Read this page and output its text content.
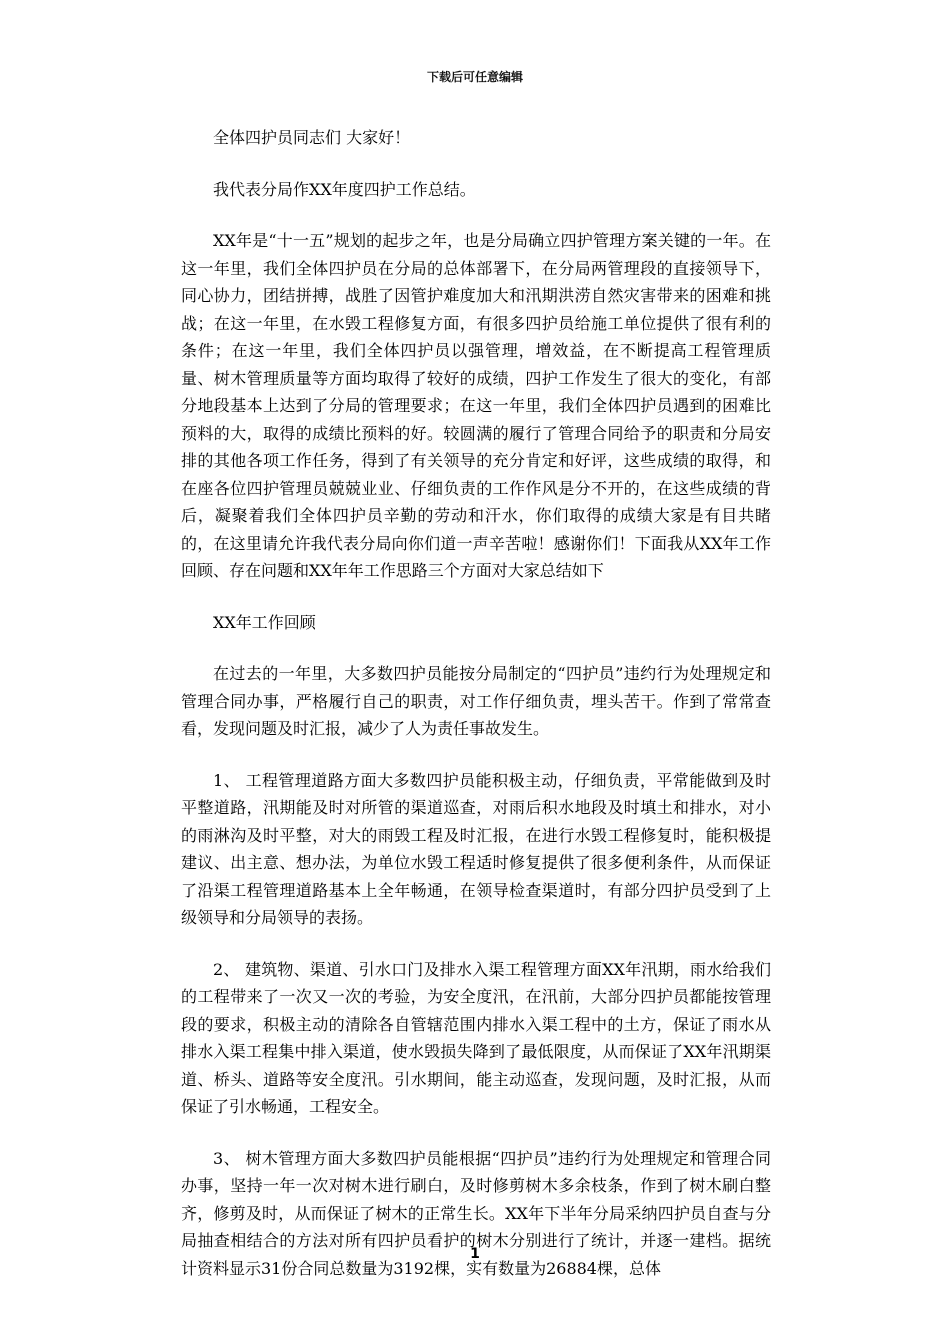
下载后可任意编辑

全体四护员同志们 大家好！

我代表分局作XX年度四护工作总结。

XX年是“十一五”规划的起步之年，也是分局确立四护管理方案关键的一年。在这一年里，我们全体四护员在分局的总体部署下，在分局两管理段的直接领导下，同心协力，团结拼搏，战胜了因管护难度加大和汛期洪涝自然灾害带来的困难和挑战；在这一年里，在水毁工程修复方面，有很多四护员给施工单位提供了很有利的条件；在这一年里，我们全体四护员以强管理，增效益，在不断提高工程管理质量、树木管理质量等方面均取得了较好的成绩，四护工作发生了很大的变化，有部分地段基本上达到了分局的管理要求；在这一年里，我们全体四护员遇到的困难比预料的大，取得的成绩比预料的好。较圆满的履行了管理合同给予的职责和分局安排的其他各项工作任务，得到了有关领导的充分肯定和好评，这些成绩的取得，和在座各位四护管理员兢兢业业、仔细负责的工作作风是分不开的，在这些成绩的背后，凝聚着我们全体四护员辛勤的劳动和汗水，你们取得的成绩大家是有目共睹的，在这里请允许我代表分局向你们道一声辛苦啦！感谢你们！下面我从XX年工作回顾、存在问题和XX年年工作思路三个方面对大家总结如下

XX年工作回顾

在过去的一年里，大多数四护员能按分局制定的“四护员”违约行为处理规定和管理合同办事，严格履行自己的职责，对工作仔细负责，埋头苦干。作到了常常查看，发现问题及时汇报，减少了人为责任事故发生。

1、 工程管理道路方面大多数四护员能积极主动，仔细负责，平常能做到及时平整道路，汛期能及时对所管的渠道巡查，对雨后积水地段及时填土和排水，对小的雨淋沟及时平整，对大的雨毁工程及时汇报，在进行水毁工程修复时，能积极提建议、出主意、想办法，为单位水毁工程适时修复提供了很多便利条件，从而保证了沿渠工程管理道路基本上全年畅通，在领导检查渠道时，有部分四护员受到了上级领导和分局领导的表扬。

2、 建筑物、渠道、引水口门及排水入渠工程管理方面XX年汛期，雨水给我们的工程带来了一次又一次的考验，为安全度汛，在汛前，大部分四护员都能按管理段的要求，积极主动的清除各自管辖范围内排水入渠工程中的土方，保证了雨水从排水入渠工程集中排入渠道，使水毁损失降到了最低限度，从而保证了XX年汛期渠道、桥头、道路等安全度汛。引水期间，能主动巡查，发现问题，及时汇报，从而保证了引水畅通，工程安全。

3、 树木管理方面大多数四护员能根据“四护员”违约行为处理规定和管理合同办事，坚持一年一次对树木进行刷白，及时修剪树木多余枝条，作到了树木刷白整齐，修剪及时，从而保证了树木的正常生长。XX年下半年分局采纳四护员自查与分局抽查相结合的方法对所有四护员看护的树木分别进行了统计，并逐一建档。据统计资料显示31份合同总数量为3192棵，实有数量为26884棵，总体

1
